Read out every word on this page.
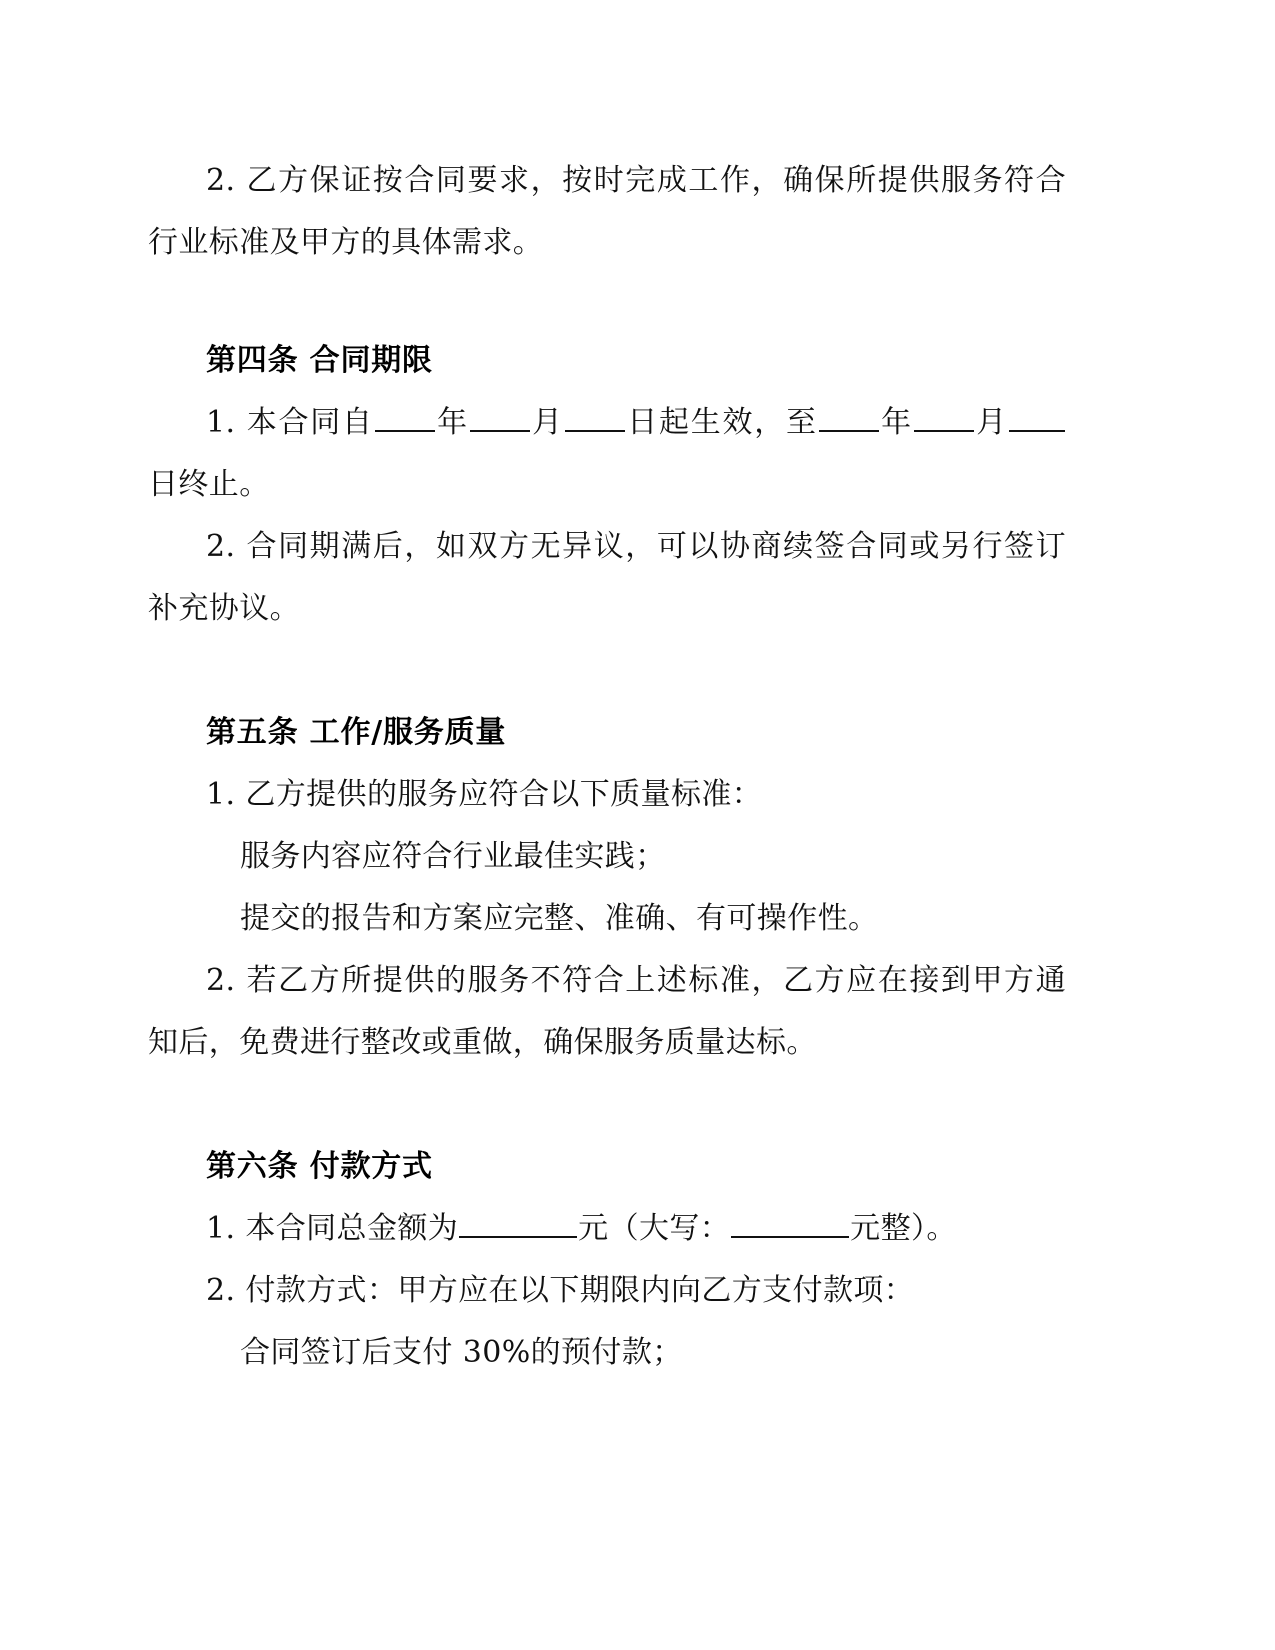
2. 乙方保证按合同要求，按时完成工作，确保所提供服务符合行业标准及甲方的具体需求。

第四条 合同期限

1. 本合同自 年 月 日起生效，至 年 月日终止。

2. 合同期满后，如双方无异议，可以协商续签合同或另行签订补充协议。

第五条 工作/服务质量

1. 乙方提供的服务应符合以下质量标准：

服务内容应符合行业最佳实践；

提交的报告和方案应完整、准确、有可操作性。

2. 若乙方所提供的服务不符合上述标准，乙方应在接到甲方通知后，免费进行整改或重做，确保服务质量达标。

第六条 付款方式

1. 本合同总金额为	元（大写：	元整）。

2. 付款方式：甲方应在以下期限内向乙方支付款项：

合同签订后支付 30%的预付款；
